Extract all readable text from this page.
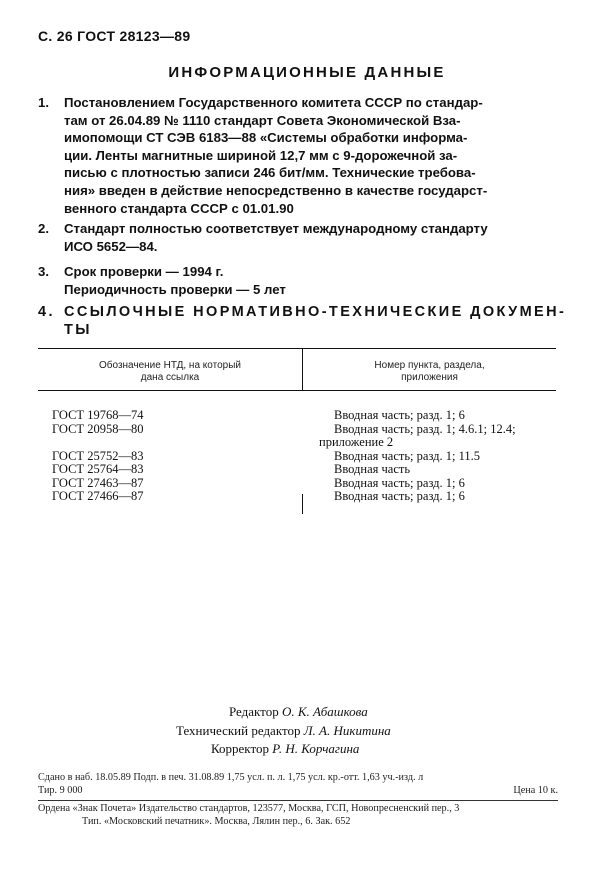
С. 26 ГОСТ 28123—89
ИНФОРМАЦИОННЫЕ ДАННЫЕ
1. Постановлением Государственного комитета СССР по стандар-
там от 26.04.89 № 1110 стандарт Совета Экономической Вза-
имопомощи СТ СЭВ 6183—88 «Системы обработки информа-
ции. Ленты магнитные шириной 12,7 мм с 9-дорожечной за-
писью с плотностью записи 246 бит/мм. Технические требова-
ния» введен в действие непосредственно в качестве государст-
венного стандарта СССР с 01.01.90
2. Стандарт полностью соответствует международному стандарту
ИСО 5652—84.
3. Срок проверки — 1994 г.
Периодичность проверки — 5 лет
4. ССЫЛОЧНЫЕ НОРМАТИВНО-ТЕХНИЧЕСКИЕ ДОКУМЕН-
ТЫ
Обозначение НТД, на который
дана ссылка
Номер пункта, раздела,
приложения
ГОСТ 19768—74	Вводная часть; разд. 1; 6
ГОСТ 20958—80	Вводная часть; разд. 1; 4.6.1; 12.4;
приложение 2
ГОСТ 25752—83	Вводная часть; разд. 1; 11.5
ГОСТ 25764—83	Вводная часть
ГОСТ 27463—87	Вводная часть; разд. 1; 6
ГОСТ 27466—87	Вводная часть; разд. 1; 6
Редактор О. К. Абашкова
Технический редактор Л. А. Никитина
Корректор Р. Н. Корчагина
Сдано в наб. 18.05.89 Подп. в печ. 31.08.89 1,75 усл. п. л. 1,75 усл. кр.-отт. 1,63 уч.-изд. л
Тир. 9 000	Цена 10 к.
Ордена «Знак Почета» Издательство стандартов, 123577, Москва, ГСП, Новопресненский пер., 3
Тип. «Московский печатник». Москва, Лялин пер., 6. Зак. 652
